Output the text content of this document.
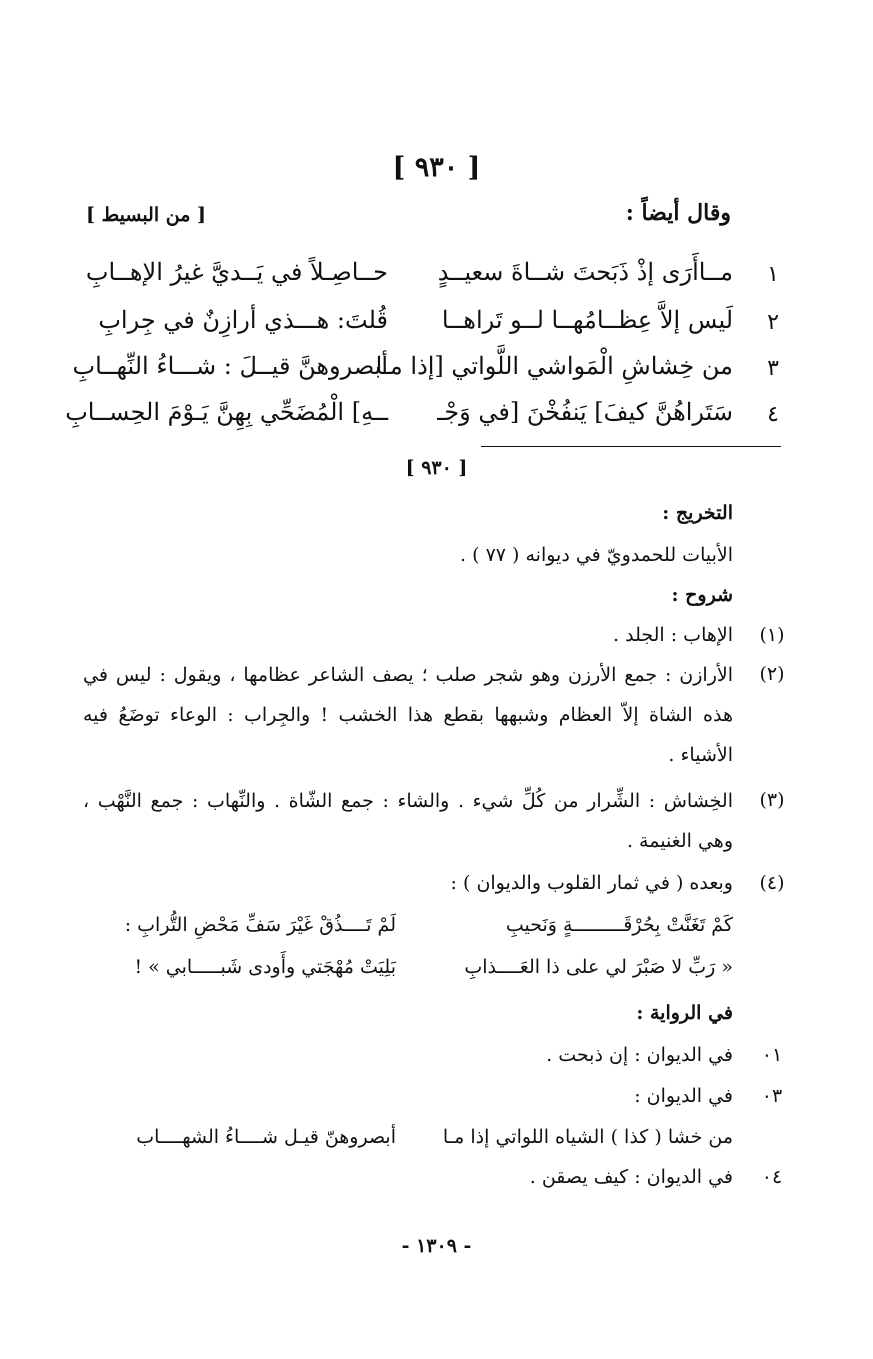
[ ٩٣٠ ]
وقال أيضاً :
[ من البسيط ]
١
مــاأَرَى إذْ ذَبَحتَ شــاةَ سعيــدٍ
حــاصِـلاً في يَــديَّ غيرُ الإهــابِ
٢
لَيس إلاَّ عِظــامُهــا لــو تَراهــا
قُلتَ: هـــذي أرازِنٌ في جِرابِ
٣
من خِشاشِ الْمَواشي اللَّواتي [إذا مـا
أبصروهنَّ قيــلَ : شـــاءُ النِّهــابِ
٤
سَتَراهُنَّ كيفَ] يَنفُخْنَ [في وَجْـ
ــهِ] الْمُضَحِّي بِهِنَّ يَـوْمَ الحِســابِ
[ ٩٣٠ ]
التخريج :
الأبيات للحمدويّ في ديوانه ( ٧٧ ) .
شروح :
(١)
الإهاب : الجلد .
(٢)
الأرازن : جمع الأرزن وهو شجر صلب ؛ يصف الشاعر عظامها ، ويقول : ليس في هذه الشاة إلاّ العظام وشبهها بقطع هذا الخشب ! والجِراب : الوعاء توضَعُ فيه الأشياء .
(٣)
الخِشاش : الشِّرار من كُلِّ شيء . والشاء : جمع الشّاة . والنِّهاب : جمع النَّهْب ، وهي الغنيمة .
(٤)
وبعده ( في ثمار القلوب والديوان ) :
كَمْ تَغَنَّتْ بِحُرْقَـــــــــةٍ وَنَحيبِ
لَمْ تَــــذُقْ غَيْرَ سَفِّ مَحْضِ التُّرابِ :
« رَبِّ لا صَبْرَ لي على ذا العَــــذابِ
بَلِيَتْ مُهْجَتي وأَودى شَبـــــابي » !
في الرواية :
٠١
في الديوان : إن ذبحت .
٠٣
في الديوان :
من خشا ( كذا ) الشياه اللواتي إذا مـا
أبصروهنّ قيـل شــــاءُ الشهــــاب
٠٤
في الديوان : كيف يصقن .
- ١٣٠٩ -
